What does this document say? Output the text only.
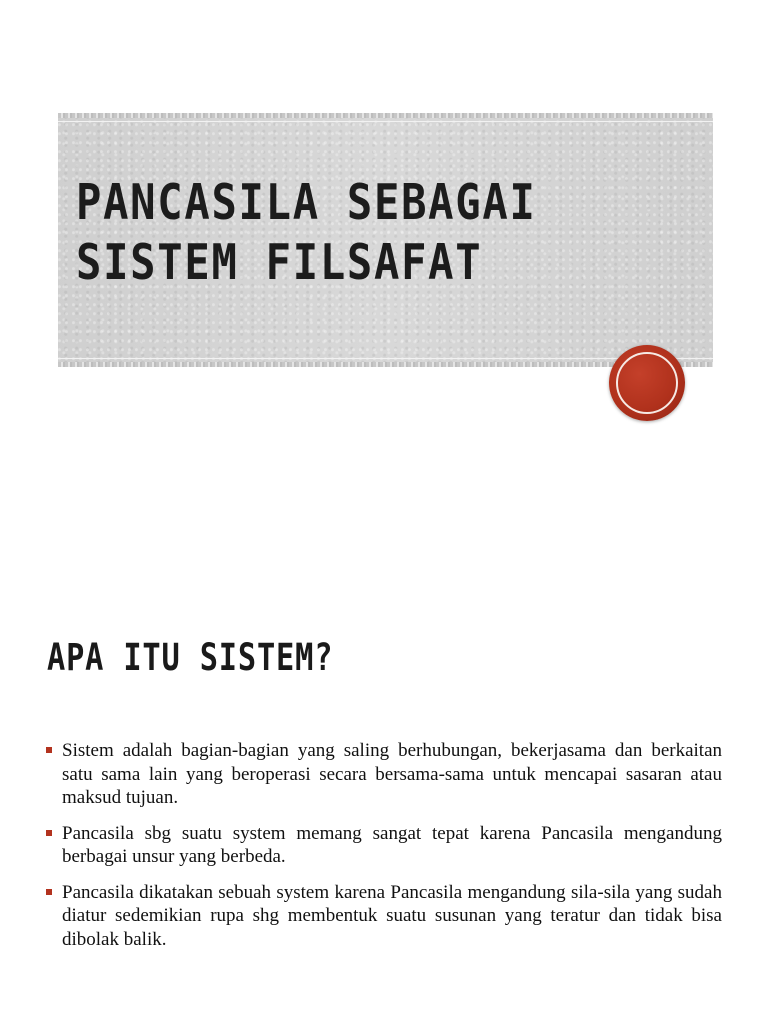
PANCASILA SEBAGAI
SISTEM FILSAFAT
APA ITU SISTEM?
Sistem adalah bagian-bagian yang saling berhubungan, bekerjasama dan berkaitan satu sama lain yang beroperasi secara bersama-sama untuk mencapai sasaran atau maksud tujuan.
Pancasila sbg suatu system memang sangat tepat karena Pancasila mengandung berbagai unsur yang berbeda.
Pancasila dikatakan sebuah system karena Pancasila mengandung sila-sila yang sudah diatur sedemikian rupa shg membentuk suatu susunan yang teratur dan tidak bisa dibolak balik.
